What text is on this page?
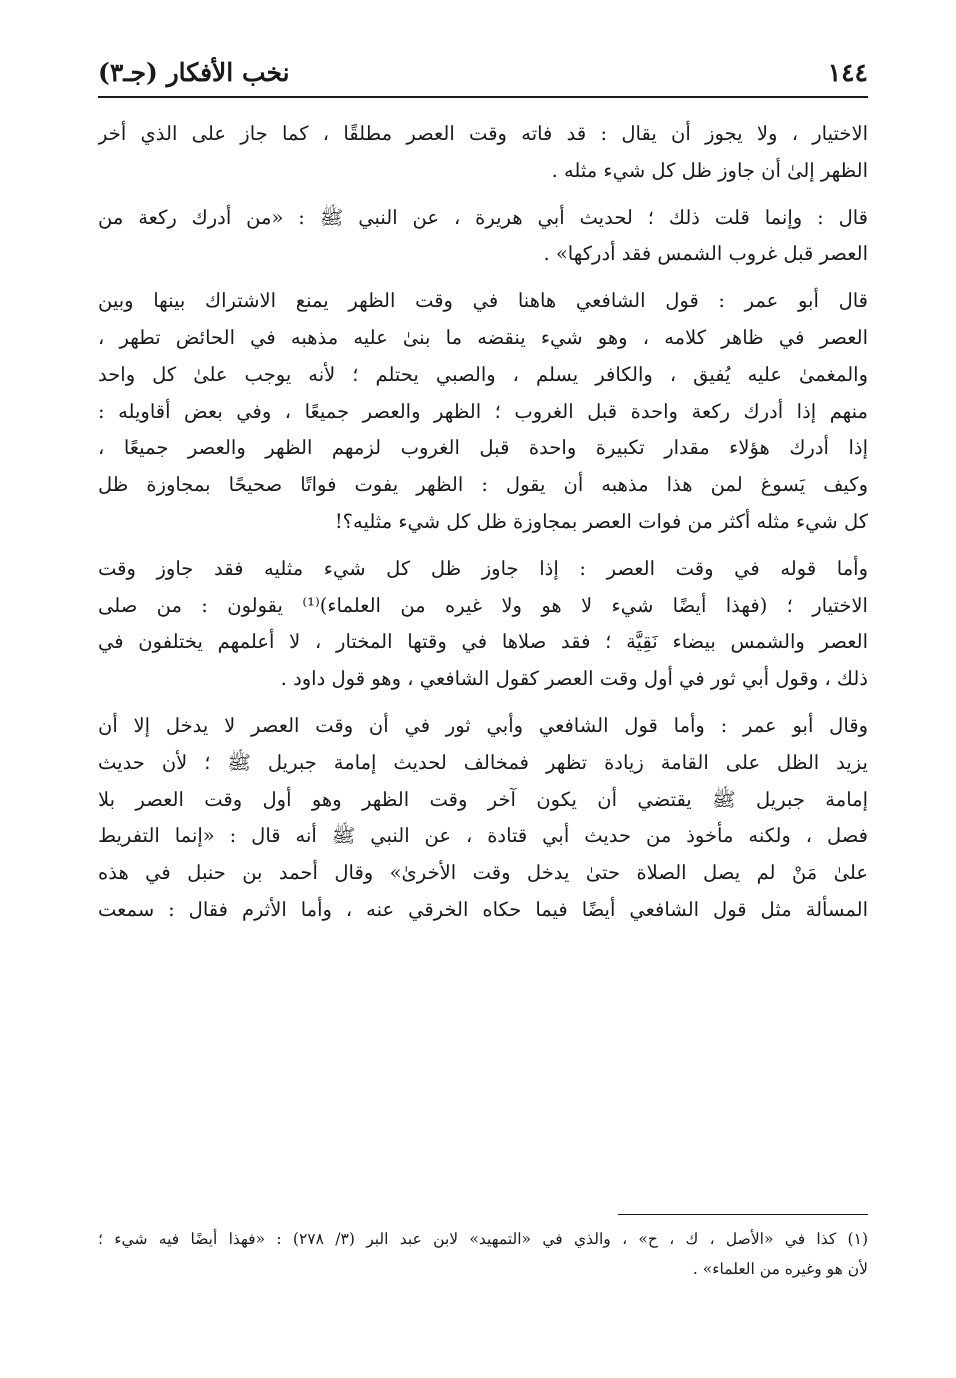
نخب الأفكار (جـ٣)	١٤٤
الاختيار ، ولا يجوز أن يقال : قد فاته وقت العصر مطلقًا ، كما جاز على الذي أخر
الظهر إلىٰ أن جاوز ظل كل شيء مثله .
قال : وإنما قلت ذلك ؛ لحديث أبي هريرة ، عن النبي ﷺ : «من أدرك ركعة من
العصر قبل غروب الشمس فقد أدركها» .
قال أبو عمر : قول الشافعي هاهنا في وقت الظهر يمنع الاشتراك بينها وبين
العصر في ظاهر كلامه ، وهو شيء ينقضه ما بنىٰ عليه مذهبه في الحائض تطهر ،
والمغمىٰ عليه يُفيق ، والكافر يسلم ، والصبي يحتلم ؛ لأنه يوجب علىٰ كل واحد
منهم إذا أدرك ركعة واحدة قبل الغروب ؛ الظهر والعصر جميعًا ، وفي بعض أقاويله :
إذا أدرك هؤلاء مقدار تكبيرة واحدة قبل الغروب لزمهم الظهر والعصر جميعًا ،
وكيف يَسوغ لمن هذا مذهبه أن يقول : الظهر يفوت فواتًا صحيحًا بمجاوزة ظل
كل شيء مثله أكثر من فوات العصر بمجاوزة ظل كل شيء مثليه؟!
وأما قوله في وقت العصر : إذا جاوز ظل كل شيء مثليه فقد جاوز وقت
الاختيار ؛ (فهذا أيضًا شيء لا هو ولا غيره من العلماء)⁽¹⁾ يقولون : من صلى
العصر والشمس بيضاء نَقِيَّة ؛ فقد صلاها في وقتها المختار ، لا أعلمهم يختلفون في
ذلك ، وقول أبي ثور في أول وقت العصر كقول الشافعي ، وهو قول داود .
وقال أبو عمر : وأما قول الشافعي وأبي ثور في أن وقت العصر لا يدخل إلا أن
يزيد الظل على القامة زيادة تظهر فمخالف لحديث إمامة جبريل ﷺ ؛ لأن حديث
إمامة جبريل ﷺ يقتضي أن يكون آخر وقت الظهر وهو أول وقت العصر بلا
فصل ، ولكنه مأخوذ من حديث أبي قتادة ، عن النبي ﷺ أنه قال : «إنما التفريط
علىٰ مَنْ لم يصل الصلاة حتىٰ يدخل وقت الأخرىٰ» وقال أحمد بن حنبل في هذه
المسألة مثل قول الشافعي أيضًا فيما حكاه الخرقي عنه ، وأما الأثرم فقال : سمعت
(١) كذا في «الأصل ، ك ، ح» ، والذي في «التمهيد» لابن عبد البر (٣/ ٢٧٨) : «فهذا أيضًا فيه شيء ؛
لأن هو وغيره من العلماء» .
